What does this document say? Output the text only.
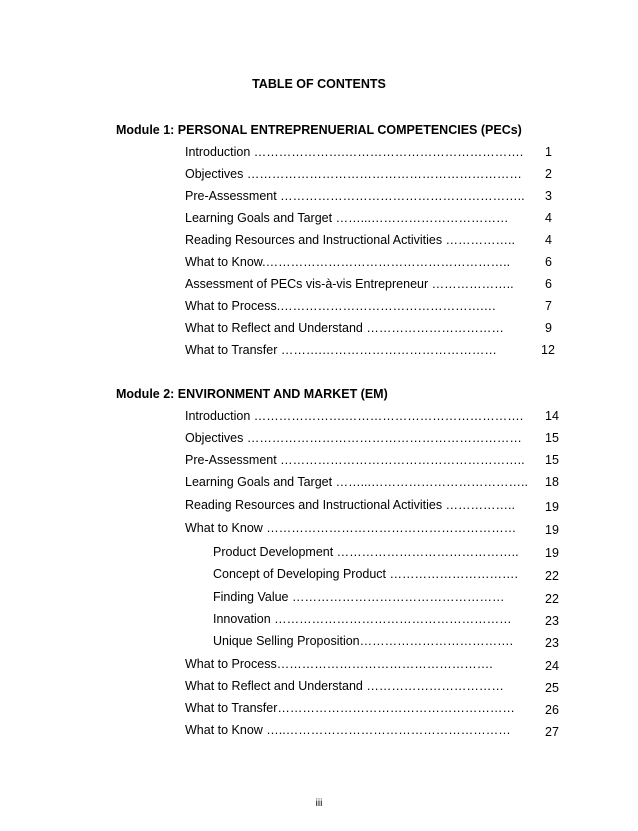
TABLE OF CONTENTS
Module 1: PERSONAL ENTREPRENUERIAL COMPETENCIES (PECs)
Introduction ………………….……………………………………. 1
Objectives ………………………………………………………… 2
Pre-Assessment ………………………………………………….. 3
Learning Goals and Target ……...……………………………	4
Reading Resources and Instructional Activities …………….. 4
What to Know.…………………………………………………..	6
Assessment of PECs vis-à-vis Entrepreneur ………………..	6
What to Process.………………………………………….…	7
What to Reflect and Understand ……………………………	9
What to Transfer ……….……………………………………	12
Module 2: ENVIRONMENT AND MARKET (EM)
Introduction ………………….……………………………………. 14
Objectives ………………………………………………………… 15
Pre-Assessment ………………………………………………….. 15
Learning Goals and Target ……...……………………………….. 18
Reading Resources and Instructional Activities …………….. 19
What to Know …………………………………………………… 19
Product Development …………………………………….. 19
Concept of Developing Product …………………………. 22
Finding Value ……………………………………………	22
Innovation …………………………………………………	23
Unique Selling Proposition……………………………….	23
What to Process…………………………………………….	24
What to Reflect and Understand ……………………………	25
What to Transfer………………………………………………… 26
What to Know …..………………………………………………	27
iii
